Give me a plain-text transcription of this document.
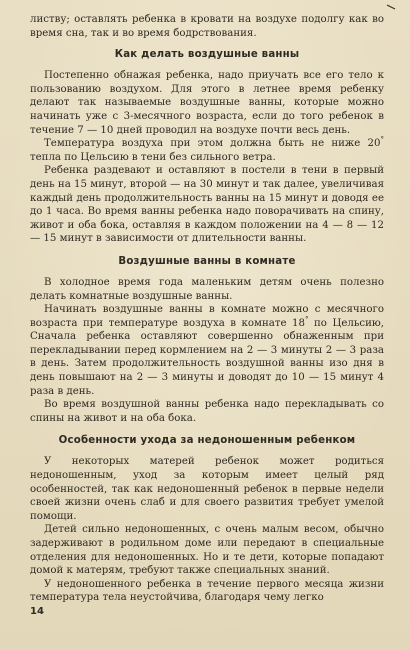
листву; оставлять ребенка в кровати на воздухе подолгу как во время сна, так и во время бодрствования.

Как делать воздушные ванны

Постепенно обнажая ребенка, надо приучать все его тело к пользованию воздухом. Для этого в летнее время ребенку делают так называемые воздушные ванны, которые можно начинать уже с 3-месячного возраста, если до того ребенок в течение 7 — 10 дней проводил на воздухе почти весь день.

Температура воздуха при этом должна быть не ниже 20° тепла по Цельсию в тени без сильного ветра.

Ребенка раздевают и оставляют в постели в тени в первый день на 15 минут, второй — на 30 минут и так далее, увеличивая каждый день продолжительность ванны на 15 минут и доводя ее до 1 часа. Во время ванны ребенка надо поворачивать на спину, живот и оба бока, оставляя в каждом положении на 4 — 8 — 12 — 15 минут в зависимости от длительности ванны.

Воздушные ванны в комнате

В холодное время года маленьким детям очень полезно делать комнатные воздушные ванны.

Начинать воздушные ванны в комнате можно с месячного возраста при температуре воздуха в комнате 18° по Цельсию, Сначала ребенка оставляют совершенно обнаженным при перекладывании перед кормлением на 2 — 3 минуты 2 — 3 раза в день. Затем продолжительность воздушной ванны изо дня в день повышают на 2 — 3 минуты и доводят до 10 — 15 минут 4 раза в день.

Во время воздушной ванны ребенка надо перекладывать со спины на живот и на оба бока.

Особенности ухода за недоношенным ребенком

У некоторых матерей ребенок может родиться недоношенным, уход за которым имеет целый ряд особенностей, так как недоношенный ребенок в первые недели своей жизни очень слаб и для своего развития требует умелой помощи.

Детей сильно недоношенных, с очень малым весом, обычно задерживают в родильном доме или передают в специальные отделения для недоношенных. Но и те дети, которые попадают домой к матерям, требуют также специальных знаний.

У недоношенного ребенка в течение первого месяца жизни температура тела неустойчива, благодаря чему легко

14
